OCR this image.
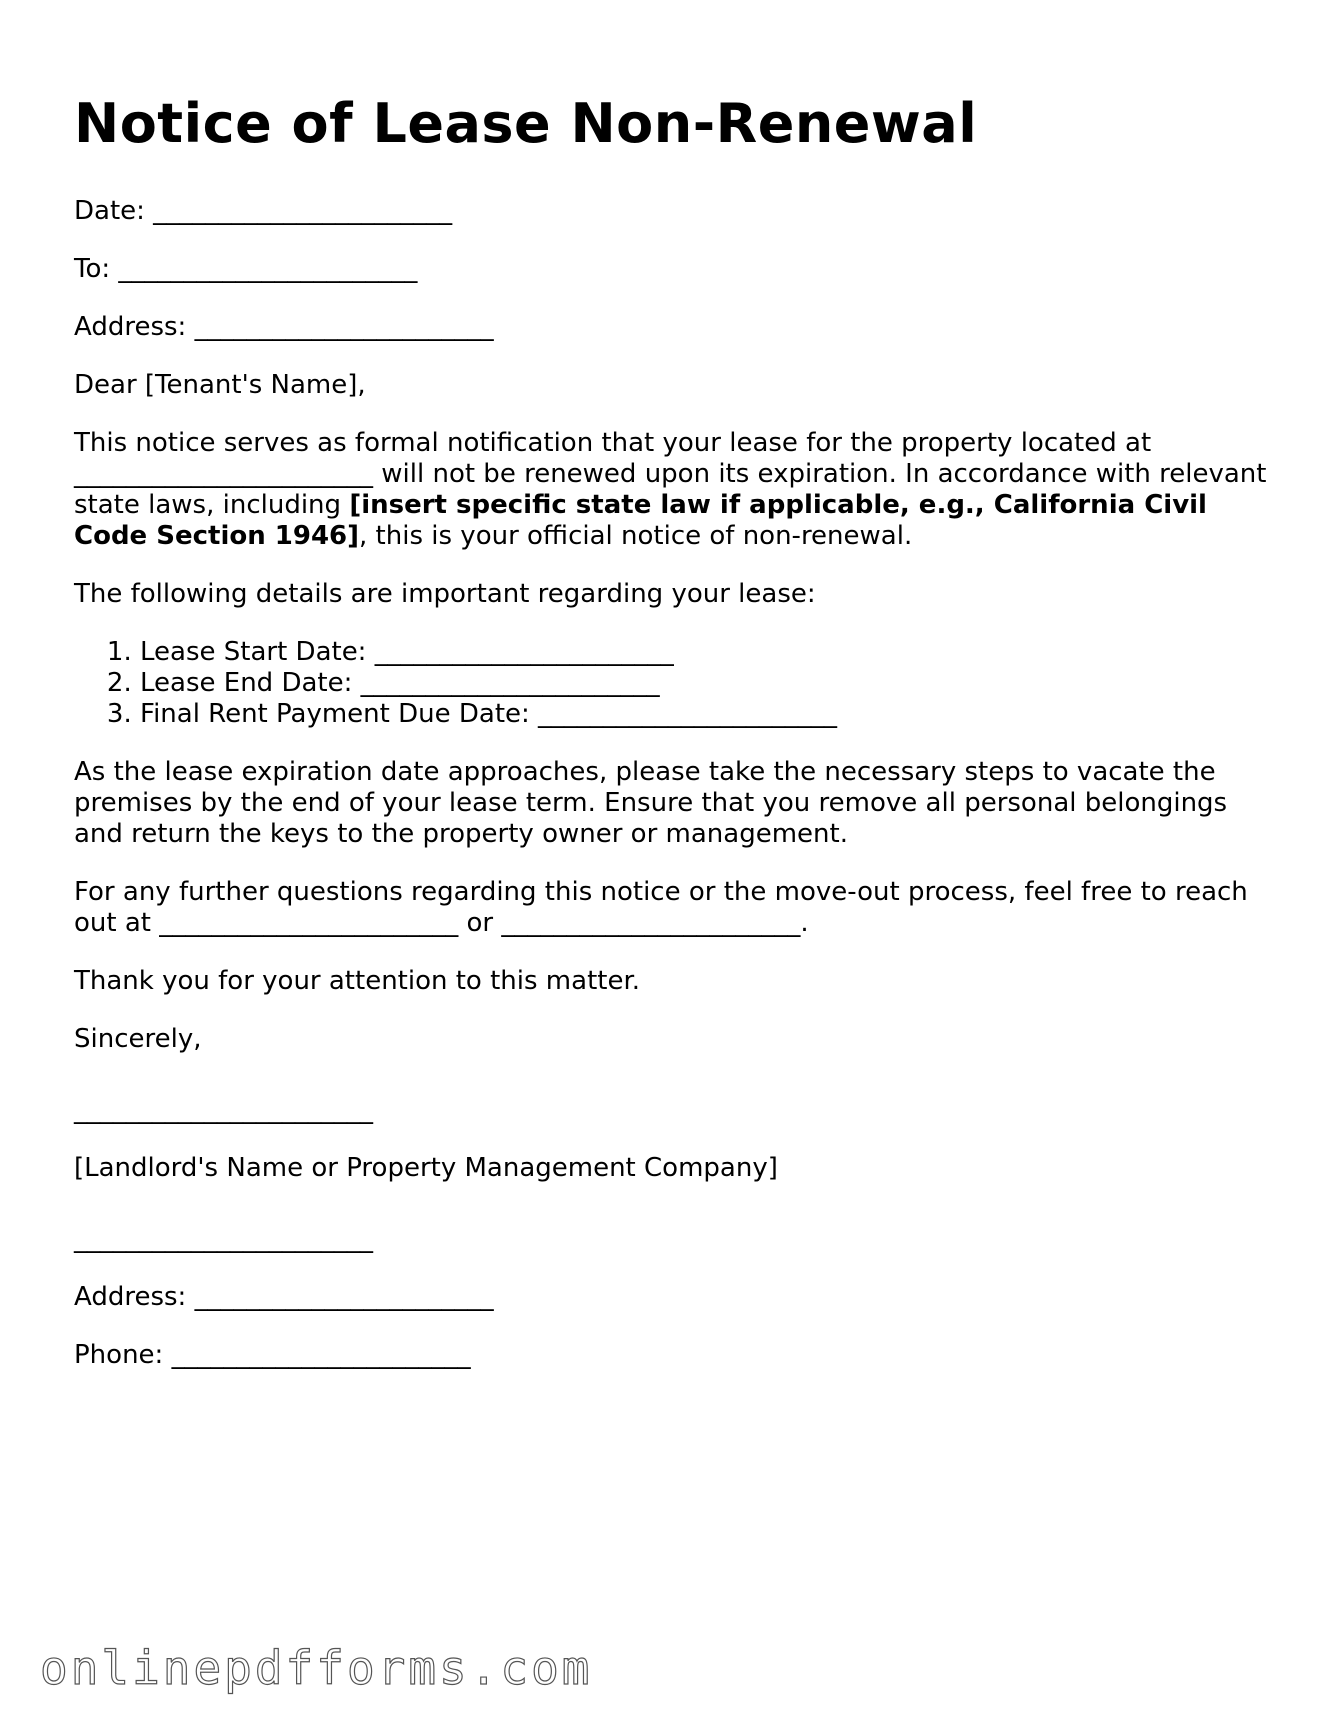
Notice of Lease Non-Renewal

Date: _____

To: _____

Address: _____

Dear [Tenant's Name],

This notice serves as formal notification that your lease for the property located at _____ will not be renewed upon its expiration. In accordance with relevant state laws, including [insert specific state law if applicable, e.g., California Civil Code Section 1946], this is your official notice of non-renewal.

The following details are important regarding your lease:

1. Lease Start Date: _____
2. Lease End Date: _____
3. Final Rent Payment Due Date: _____

As the lease expiration date approaches, please take the necessary steps to vacate the premises by the end of your lease term. Ensure that you remove all personal belongings and return the keys to the property owner or management.

For any further questions regarding this notice or the move-out process, feel free to reach out at _____	or _____	.

Thank you for your attention to this matter.

Sincerely,

_____

[Landlord's Name or Property Management Company]

_____

Address: _____

Phone: _____

onlinepdfforms.com
